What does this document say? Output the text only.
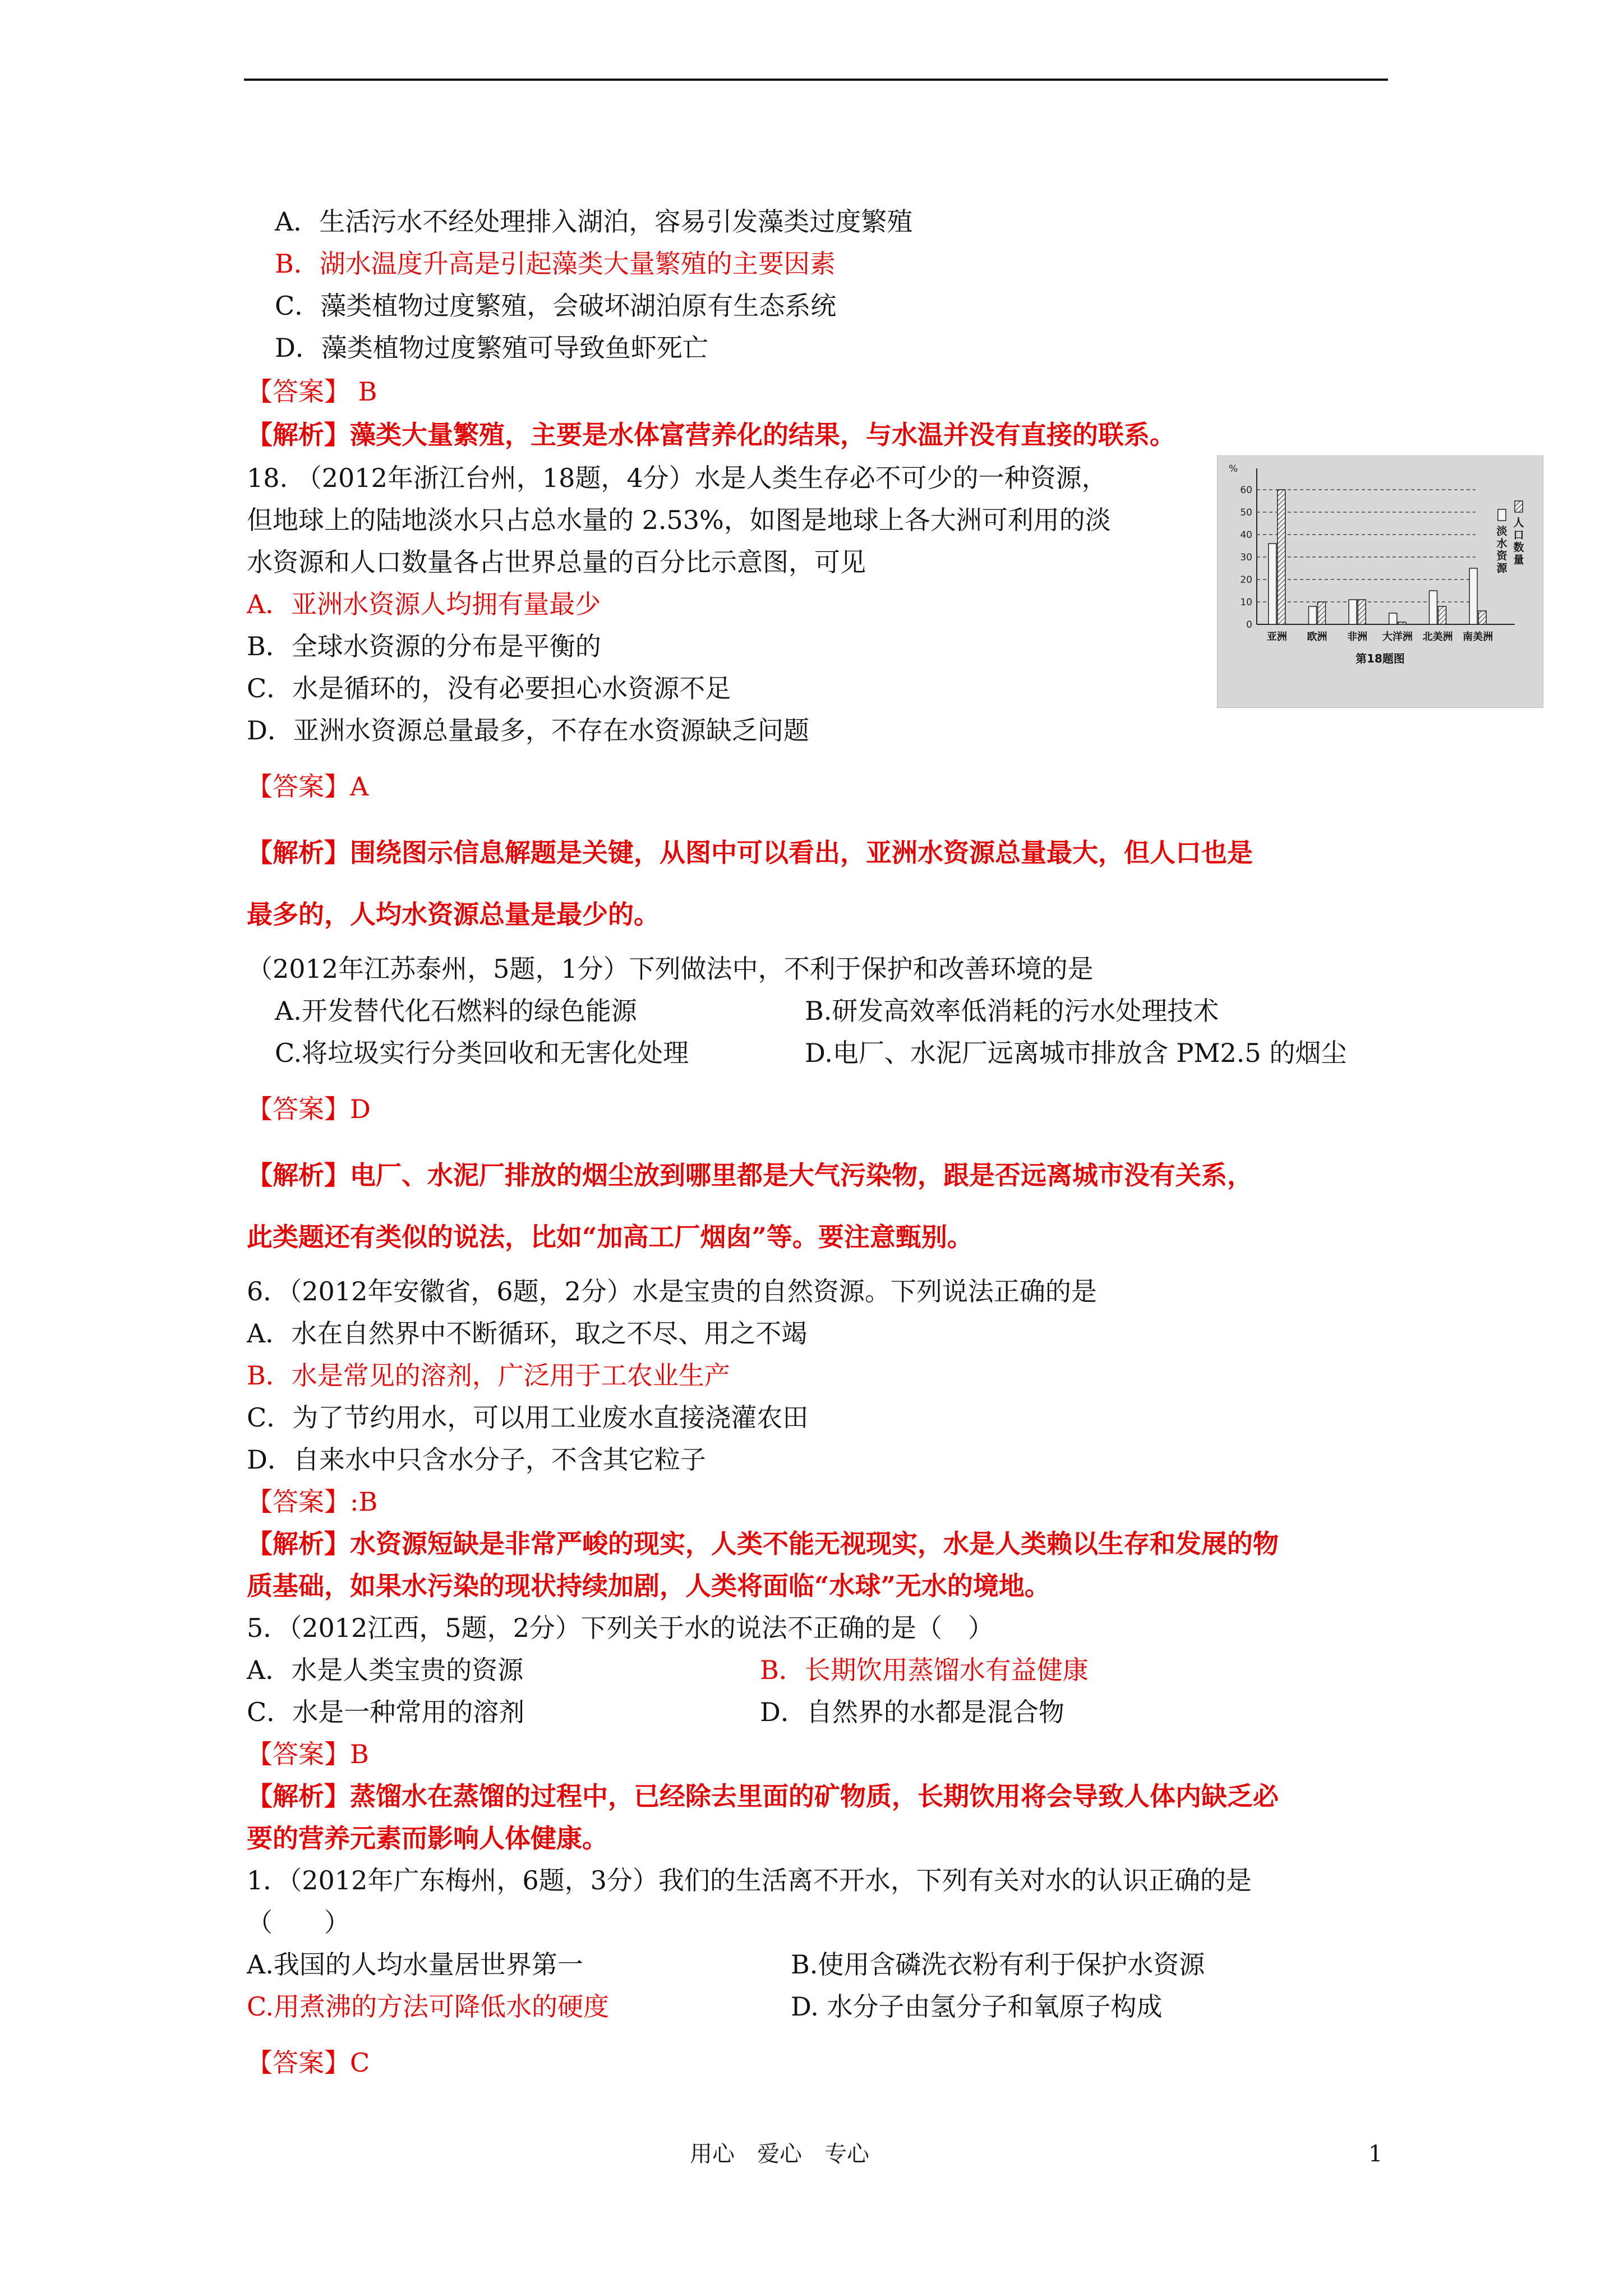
A．生活污水不经处理排入湖泊，容易引发藻类过度繁殖
B．湖水温度升高是引起藻类大量繁殖的主要因素
C．藻类植物过度繁殖，会破坏湖泊原有生态系统
D．藻类植物过度繁殖可导致鱼虾死亡
【答案】 B
【解析】藻类大量繁殖，主要是水体富营养化的结果，与水温并没有直接的联系。
18. （2012年浙江台州，18题，4分）水是人类生存必不可少的一种资源，
但地球上的陆地淡水只占总水量的 2.53%，如图是地球上各大洲可利用的淡
水资源和人口数量各占世界总量的百分比示意图，可见
A．亚洲水资源人均拥有量最少
B．全球水资源的分布是平衡的
C．水是循环的，没有必要担心水资源不足
D．亚洲水资源总量最多，不存在水资源缺乏问题
【答案】A
【解析】围绕图示信息解题是关键，从图中可以看出，亚洲水资源总量最大，但人口也是
最多的，人均水资源总量是最少的。
（2012年江苏泰州，5题，1分）下列做法中，不利于保护和改善环境的是
A.开发替代化石燃料的绿色能源	B.研发高效率低消耗的污水处理技术
C.将垃圾实行分类回收和无害化处理	D.电厂、水泥厂远离城市排放含 PM2.5 的烟尘
【答案】D
【解析】电厂、水泥厂排放的烟尘放到哪里都是大气污染物，跟是否远离城市没有关系，
此类题还有类似的说法，比如“加高工厂烟囱”等。要注意甄别。
6．（2012年安徽省，6题，2分）水是宝贵的自然资源。下列说法正确的是
A．水在自然界中不断循环，取之不尽、用之不竭
B．水是常见的溶剂，广泛用于工农业生产
C．为了节约用水，可以用工业废水直接浇灌农田
D．自来水中只含水分子，不含其它粒子
【答案】:B
【解析】水资源短缺是非常严峻的现实，人类不能无视现实，水是人类赖以生存和发展的物
质基础，如果水污染的现状持续加剧，人类将面临“水球”无水的境地。
5．（2012江西，5题，2分）下列关于水的说法不正确的是（　）
A．水是人类宝贵的资源	B．长期饮用蒸馏水有益健康
C．水是一种常用的溶剂	D．自然界的水都是混合物
【答案】B
【解析】蒸馏水在蒸馏的过程中，已经除去里面的矿物质，长期饮用将会导致人体内缺乏必
要的营养元素而影响人体健康。
1．（2012年广东梅州，6题，3分）我们的生活离不开水，下列有关对水的认识正确的是
（　　）
A.我国的人均水量居世界第一	B.使用含磷洗衣粉有利于保护水资源
C.用煮沸的方法可降低水的硬度	D. 水分子由氢分子和氧原子构成
【答案】C
%
0
10
20
30
40
50
60
亚洲 欧洲 非洲 大洋洲 北美洲 南美洲
淡
水
资
源
人
口
数
量
第18题图
用心　爱心　专心	1
